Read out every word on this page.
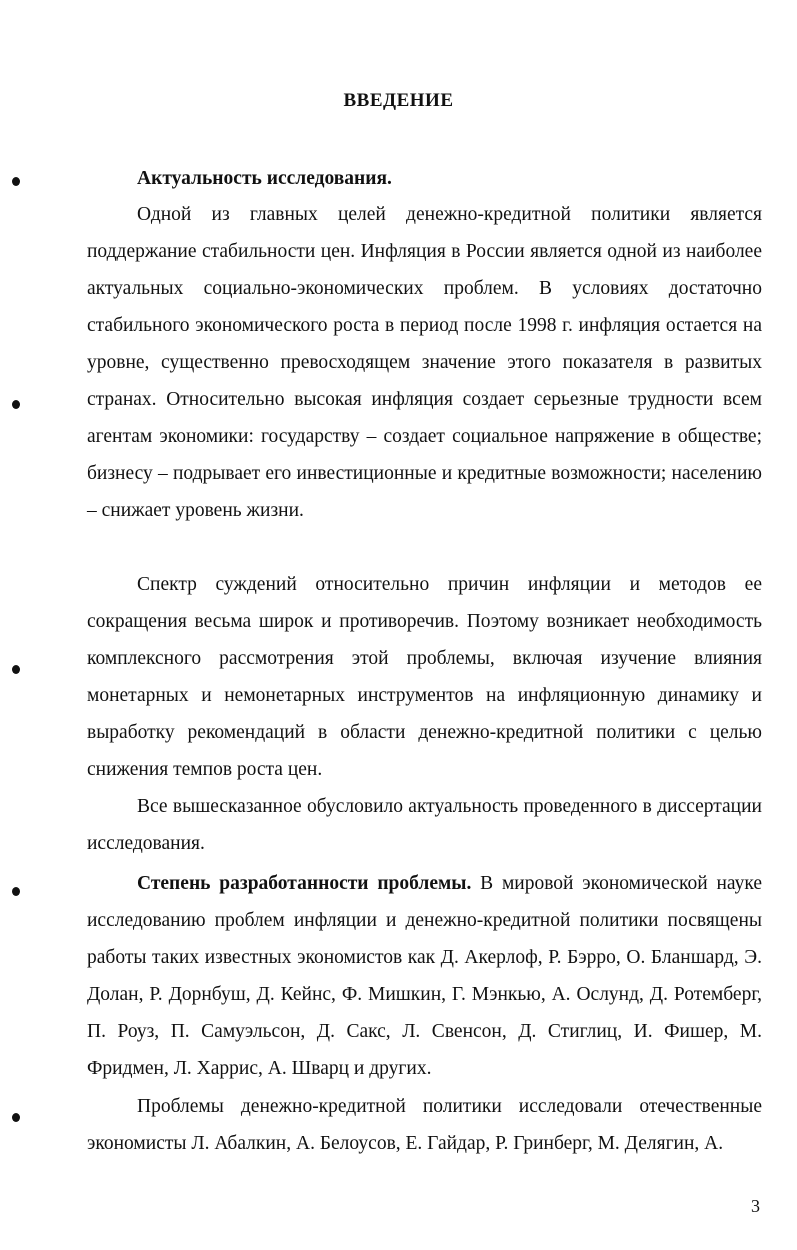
ВВЕДЕНИЕ
Актуальность исследования.
Одной из главных целей денежно-кредитной политики является поддержание стабильности цен. Инфляция в России является одной из наиболее актуальных социально-экономических проблем. В условиях достаточно стабильного экономического роста в период после 1998 г. инфляция остается на уровне, существенно превосходящем значение этого показателя в развитых странах. Относительно высокая инфляция создает серьезные трудности всем агентам экономики: государству – создает социальное напряжение в обществе; бизнесу – подрывает его инвестиционные и кредитные возможности; населению – снижает уровень жизни.
Спектр суждений относительно причин инфляции и методов ее сокращения весьма широк и противоречив. Поэтому возникает необходимость комплексного рассмотрения этой проблемы, включая изучение влияния монетарных и немонетарных инструментов на инфляционную динамику и выработку рекомендаций в области денежно-кредитной политики с целью снижения темпов роста цен.
Все вышесказанное обусловило актуальность проведенного в диссертации исследования.
Степень разработанности проблемы. В мировой экономической науке исследованию проблем инфляции и денежно-кредитной политики посвящены работы таких известных экономистов как Д. Акерлоф, Р. Бэрро, О. Бланшард, Э. Долан, Р. Дорнбуш, Д. Кейнс, Ф. Мишкин, Г. Мэнкью, А. Ослунд, Д. Ротемберг, П. Роуз, П. Самуэльсон, Д. Сакс, Л. Свенсон, Д. Стиглиц, И. Фишер, М. Фридмен, Л. Харрис, А. Шварц и других.
Проблемы денежно-кредитной политики исследовали отечественные экономисты Л. Абалкин, А. Белоусов, Е. Гайдар, Р. Гринберг, М. Делягин, А.
3
